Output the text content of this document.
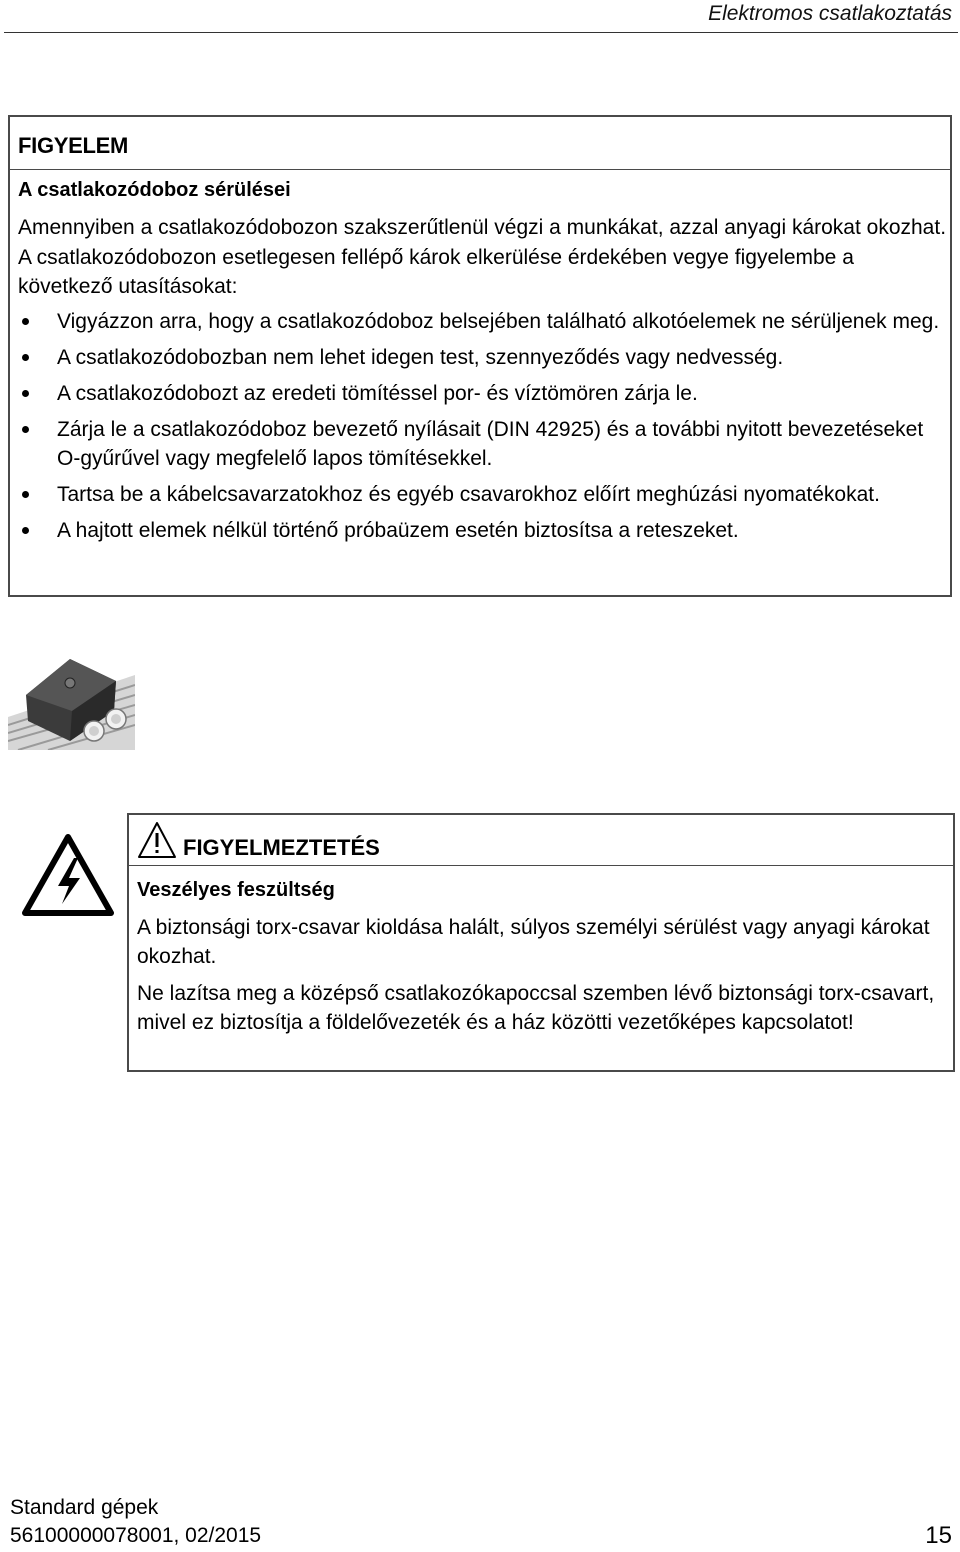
Elektromos csatlakoztatás
FIGYELEM
A csatlakozódoboz sérülései
Amennyiben a csatlakozódobozon szakszerűtlenül végzi a munkákat, azzal anyagi károkat okozhat. A csatlakozódobozon esetlegesen fellépő károk elkerülése érdekében vegye figyelembe a következő utasításokat:
Vigyázzon arra, hogy a csatlakozódoboz belsejében található alkotóelemek ne sérüljenek meg.
A csatlakozódobozban nem lehet idegen test, szennyeződés vagy nedvesség.
A csatlakozódobozt az eredeti tömítéssel por- és víztömören zárja le.
Zárja le a csatlakozódoboz bevezető nyílásait (DIN 42925) és a további nyitott bevezetéseket O-gyűrűvel vagy megfelelő lapos tömítésekkel.
Tartsa be a kábelcsavarzatokhoz és egyéb csavarokhoz előírt meghúzási nyomatékokat.
A hajtott elemek nélkül történő próbaüzem esetén biztosítsa a reteszeket.
FIGYELMEZTETÉS
Veszélyes feszültség
A biztonsági torx-csavar kioldása halált, súlyos személyi sérülést vagy anyagi károkat okozhat.
Ne lazítsa meg a középső csatlakozókapoccsal szemben lévő biztonsági torx-csavart, mivel ez biztosítja a földelővezeték és a ház közötti vezetőképes kapcsolatot!
Standard gépek
56100000078001, 02/2015	15
